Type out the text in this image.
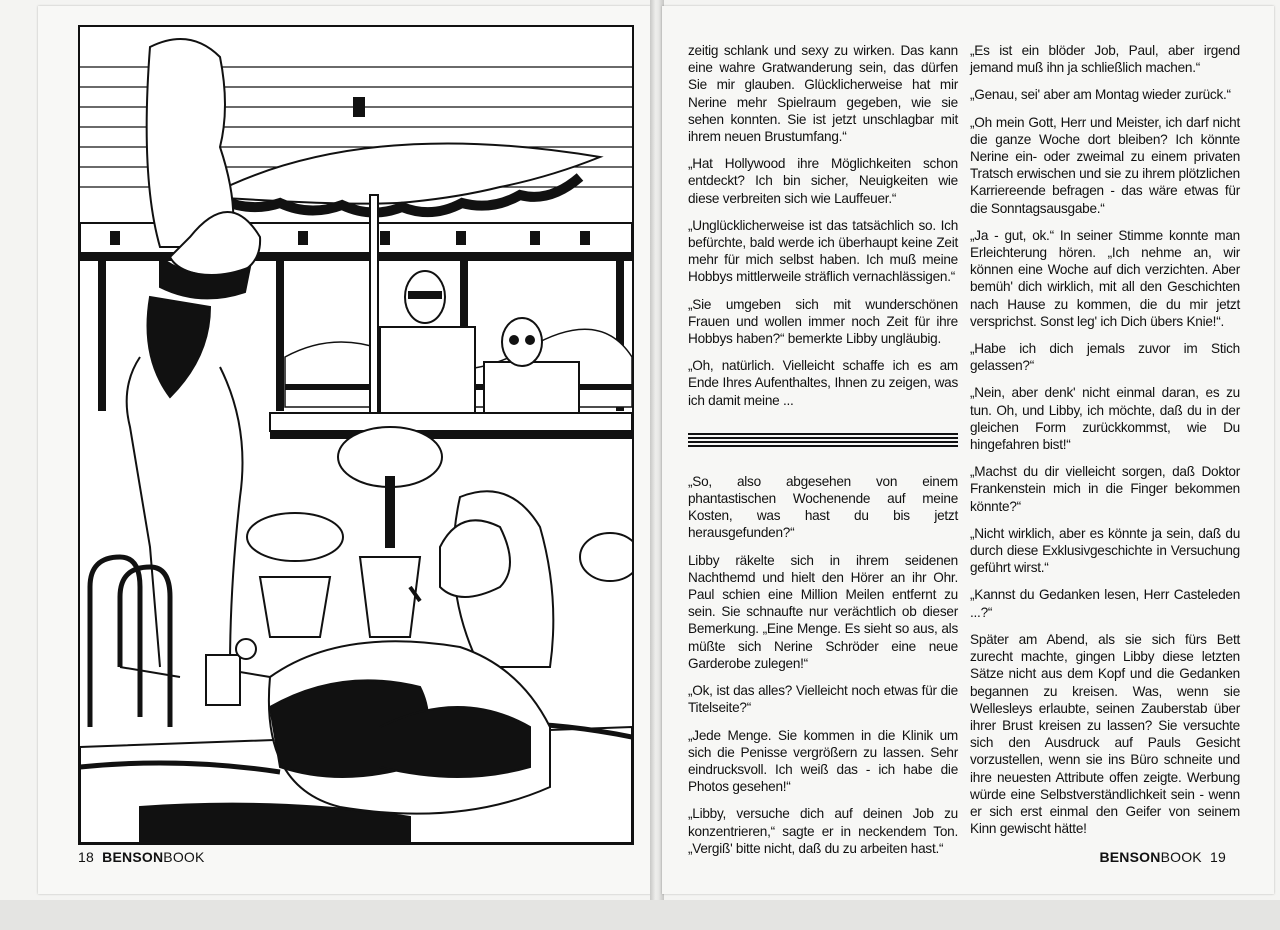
18 BENSONBOOK

zeitig schlank und sexy zu wirken. Das kann eine wahre Gratwanderung sein, das dürfen Sie mir glauben. Glücklicherweise hat mir Nerine mehr Spielraum gegeben, wie sie sehen konnten. Sie ist jetzt unschlagbar mit ihrem neuen Brustumfang.“

„Hat Hollywood ihre Möglichkeiten schon entdeckt? Ich bin sicher, Neuigkeiten wie diese verbreiten sich wie Lauffeuer.“

„Unglücklicherweise ist das tatsächlich so. Ich befürchte, bald werde ich überhaupt keine Zeit mehr für mich selbst haben. Ich muß meine Hobbys mittlerweile sträflich vernachlässigen.“

„Sie umgeben sich mit wunderschönen Frauen und wollen immer noch Zeit für ihre Hobbys haben?“ bemerkte Libby ungläubig.

„Oh, natürlich. Vielleicht schaffe ich es am Ende Ihres Aufenthaltes, Ihnen zu zeigen, was ich damit meine ...

„So, also abgesehen von einem phantastischen Wochenende auf meine Kosten, was hast du bis jetzt herausgefunden?“

Libby räkelte sich in ihrem seidenen Nachthemd und hielt den Hörer an ihr Ohr. Paul schien eine Million Meilen entfernt zu sein. Sie schnaufte nur verächtlich ob dieser Bemerkung. „Eine Menge. Es sieht so aus, als müßte sich Nerine Schröder eine neue Garderobe zulegen!“

„Ok, ist das alles? Vielleicht noch etwas für die Titelseite?“

„Jede Menge. Sie kommen in die Klinik um sich die Penisse vergrößern zu lassen. Sehr eindrucksvoll. Ich weiß das - ich habe die Photos gesehen!“

„Libby, versuche dich auf deinen Job zu konzentrieren,“ sagte er in neckendem Ton. „Vergiß' bitte nicht, daß du zu arbeiten hast.“

„Es ist ein blöder Job, Paul, aber irgend jemand muß ihn ja schließlich machen.“

„Genau, sei' aber am Montag wieder zurück.“

„Oh mein Gott, Herr und Meister, ich darf nicht die ganze Woche dort bleiben? Ich könnte Nerine ein- oder zweimal zu einem privaten Tratsch erwischen und sie zu ihrem plötzlichen Karriereende befragen - das wäre etwas für die Sonntagsausgabe.“

„Ja - gut, ok.“ In seiner Stimme konnte man Erleichterung hören. „Ich nehme an, wir können eine Woche auf dich verzichten. Aber bemüh' dich wirklich, mit all den Geschichten nach Hause zu kommen, die du mir jetzt versprichst. Sonst leg' ich Dich übers Knie!“.

„Habe ich dich jemals zuvor im Stich gelassen?“

„Nein, aber denk' nicht einmal daran, es zu tun. Oh, und Libby, ich möchte, daß du in der gleichen Form zurückkommst, wie Du hingefahren bist!“

„Machst du dir vielleicht sorgen, daß Doktor Frankenstein mich in die Finger bekommen könnte?“

„Nicht wirklich, aber es könnte ja sein, daß du durch diese Exklusivgeschichte in Versuchung geführt wirst.“

„Kannst du Gedanken lesen, Herr Casteleden ...?“

Später am Abend, als sie sich fürs Bett zurecht machte, gingen Libby diese letzten Sätze nicht aus dem Kopf und die Gedanken begannen zu kreisen. Was, wenn sie Wellesleys erlaubte, seinen Zauberstab über ihrer Brust kreisen zu lassen? Sie versuchte sich den Ausdruck auf Pauls Gesicht vorzustellen, wenn sie ins Büro schneite und ihre neuesten Attribute offen zeigte. Werbung würde eine Selbstverständlichkeit sein - wenn er sich erst einmal den Geifer von seinem Kinn gewischt hätte!

BENSONBOOK 19
